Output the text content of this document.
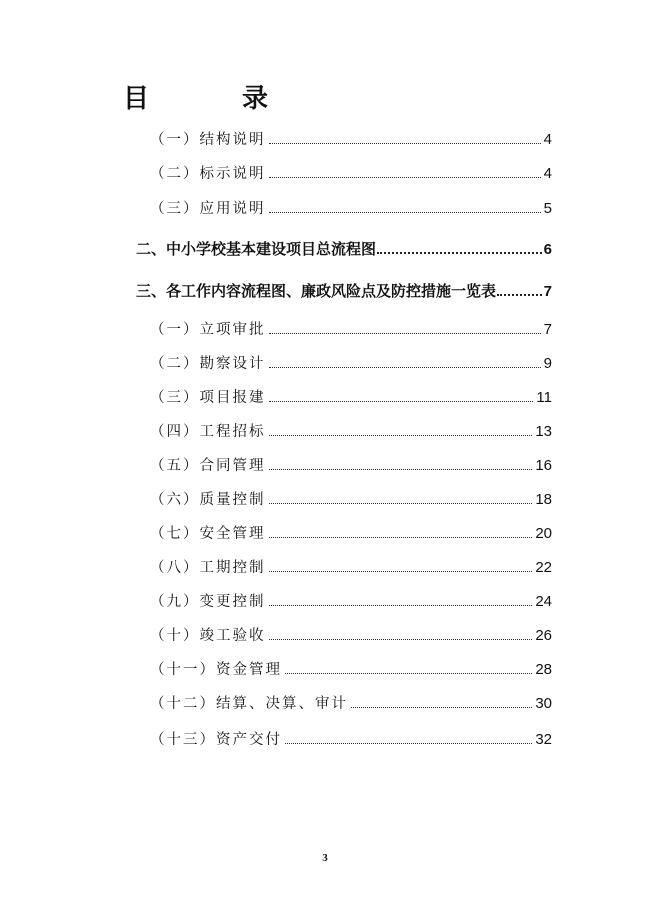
目 录
（一）结构说明	4
（二）标示说明	4
（三）应用说明	5
二、中小学校基本建设项目总流程图	6
三、各工作内容流程图、廉政风险点及防控措施一览表	7
（一）立项审批	7
（二）勘察设计	9
（三）项目报建	11
（四）工程招标	13
（五）合同管理	16
（六）质量控制	18
（七）安全管理	20
（八）工期控制	22
（九）变更控制	24
（十）竣工验收	26
（十一）资金管理	28
（十二）结算、决算、审计	30
（十三）资产交付	32
3
